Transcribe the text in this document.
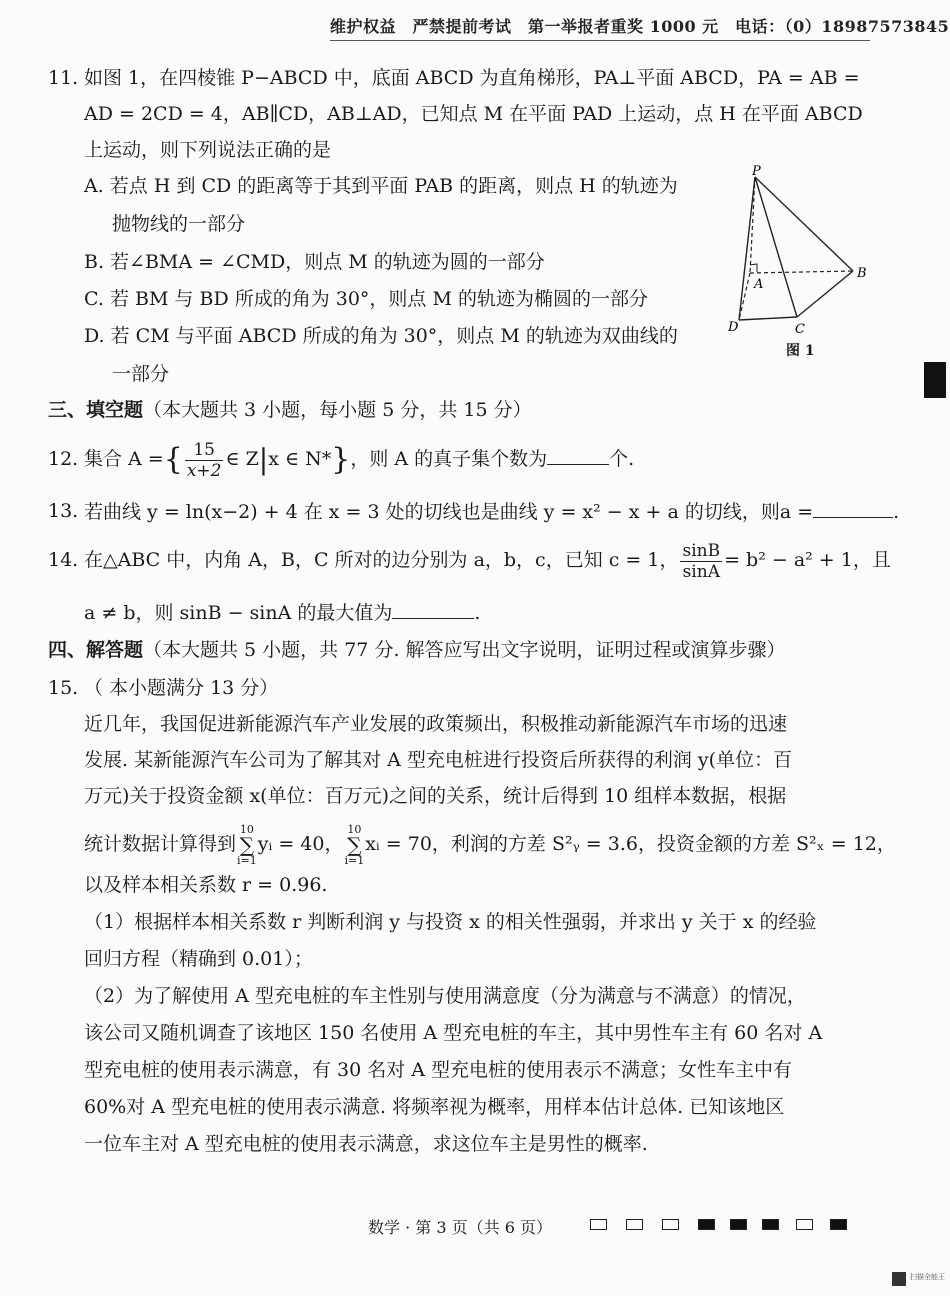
维护权益　严禁提前考试　第一举报者重奖 1000 元　电话：（0）18987573845
11. 如图 1，在四棱锥 P−ABCD 中，底面 ABCD 为直角梯形，PA⊥平面 ABCD，PA = AB =
AD = 2CD = 4，AB∥CD，AB⊥AD，已知点 M 在平面 PAD 上运动，点 H 在平面 ABCD
上运动，则下列说法正确的是
A. 若点 H 到 CD 的距离等于其到平面 PAB 的距离，则点 H 的轨迹为
抛物线的一部分
B. 若∠BMA = ∠CMD，则点 M 的轨迹为圆的一部分
C. 若 BM 与 BD 所成的角为 30°，则点 M 的轨迹为椭圆的一部分
D. 若 CM 与平面 ABCD 所成的角为 30°，则点 M 的轨迹为双曲线的
一部分
P
A
B
C
D
图 1
三、填空题（本大题共 3 小题，每小题 5 分，共 15 分）
12. 集合 A ={ $\frac{15}{x+2}$ ∈ Z|x ∈ N*}，则 A 的真子集个数为	个.
13. 若曲线 y = ln(x−2) + 4 在 x = 3 处的切线也是曲线 y = x² − x + a 的切线，则a =	.
14. 在△ABC 中，内角 A，B，C 所对的边分别为 a，b，c，已知 c = 1， $\frac{\sin B}{\sin A} = b^2 - a^2 + 1$，且
a ≠ b，则 sinB − sinA 的最大值为	.
四、解答题（本大题共 5 小题，共 77 分. 解答应写出文字说明，证明过程或演算步骤）
15. （ 本小题满分 13 分）
近几年，我国促进新能源汽车产业发展的政策频出，积极推动新能源汽车市场的迅速
发展. 某新能源汽车公司为了解其对 A 型充电桩进行投资后所获得的利润 y(单位：百
万元)关于投资金额 x(单位：百万元)之间的关系，统计后得到 10 组样本数据，根据
统计数据计算得到10
∑
i=1yᵢ = 40，10
∑
i=1xᵢ = 70，利润的方差 S²ᵧ = 3.6，投资金额的方差 S²ₓ = 12，
以及样本相关系数 r = 0.96.
（1）根据样本相关系数 r 判断利润 y 与投资 x 的相关性强弱，并求出 y 关于 x 的经验
回归方程（精确到 0.01）；
（2）为了解使用 A 型充电桩的车主性别与使用满意度（分为满意与不满意）的情况，
该公司又随机调查了该地区 150 名使用 A 型充电桩的车主，其中男性车主有 60 名对 A
型充电桩的使用表示满意，有 30 名对 A 型充电桩的使用表示不满意；女性车主中有
60%对 A 型充电桩的使用表示满意. 将频率视为概率，用样本估计总体. 已知该地区
一位车主对 A 型充电桩的使用表示满意，求这位车主是男性的概率.
数学 · 第 3 页（共 6 页）
扫描全能王
